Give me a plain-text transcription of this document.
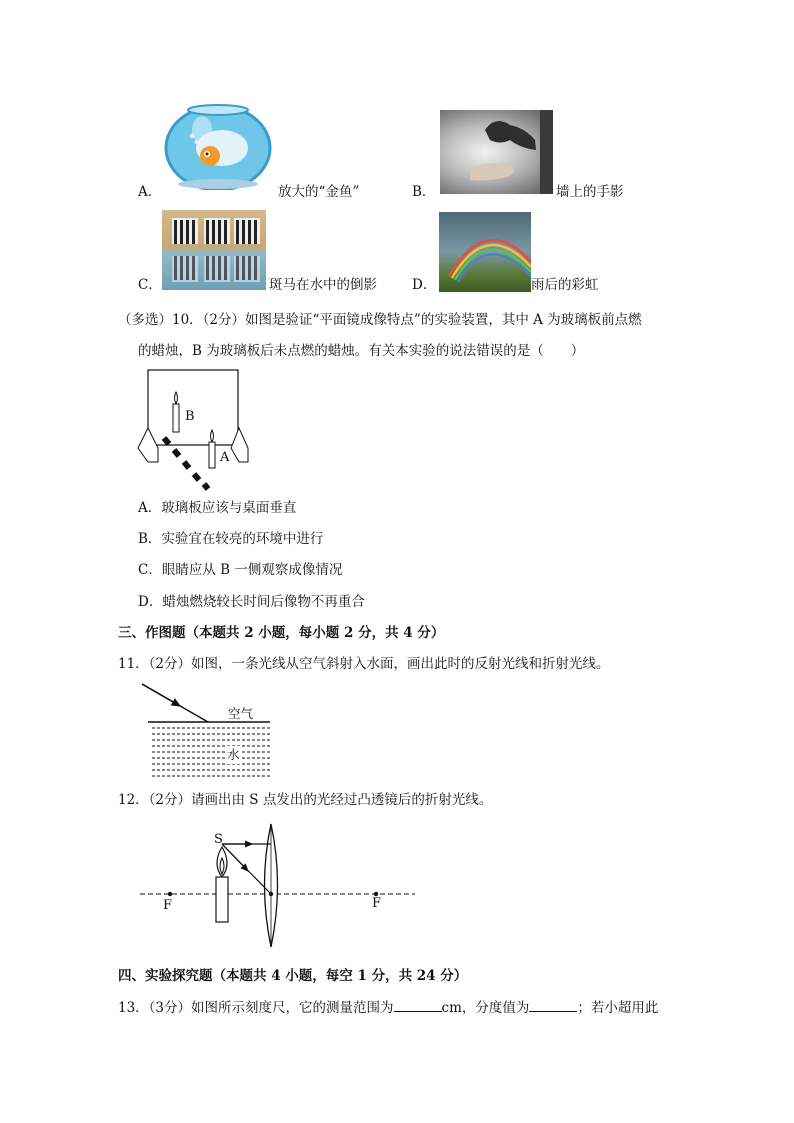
A．	放大的“金鱼”	B．	墙上的手影
C．	斑马在水中的倒影	D．	雨后的彩虹
（多选）10．（2分）如图是验证“平面镜成像特点”的实验装置，其中 A 为玻璃板前点燃
的蜡烛，B 为玻璃板后未点燃的蜡烛。有关本实验的说法错误的是（　　）
B
A
A．玻璃板应该与桌面垂直
B．实验宜在较亮的环境中进行
C．眼睛应从 B 一侧观察成像情况
D．蜡烛燃烧较长时间后像物不再重合
三、作图题（本题共 2 小题，每小题 2 分，共 4 分）
11．（2分）如图，一条光线从空气斜射入水面，画出此时的反射光线和折射光线。
空气
水
12．（2分）请画出由 S 点发出的光经过凸透镜后的折射光线。
S
F	F
四、实验探究题（本题共 4 小题，每空 1 分，共 24 分）
13．（3分）如图所示刻度尺，它的测量范围为	cm，分度值为	；若小超用此
